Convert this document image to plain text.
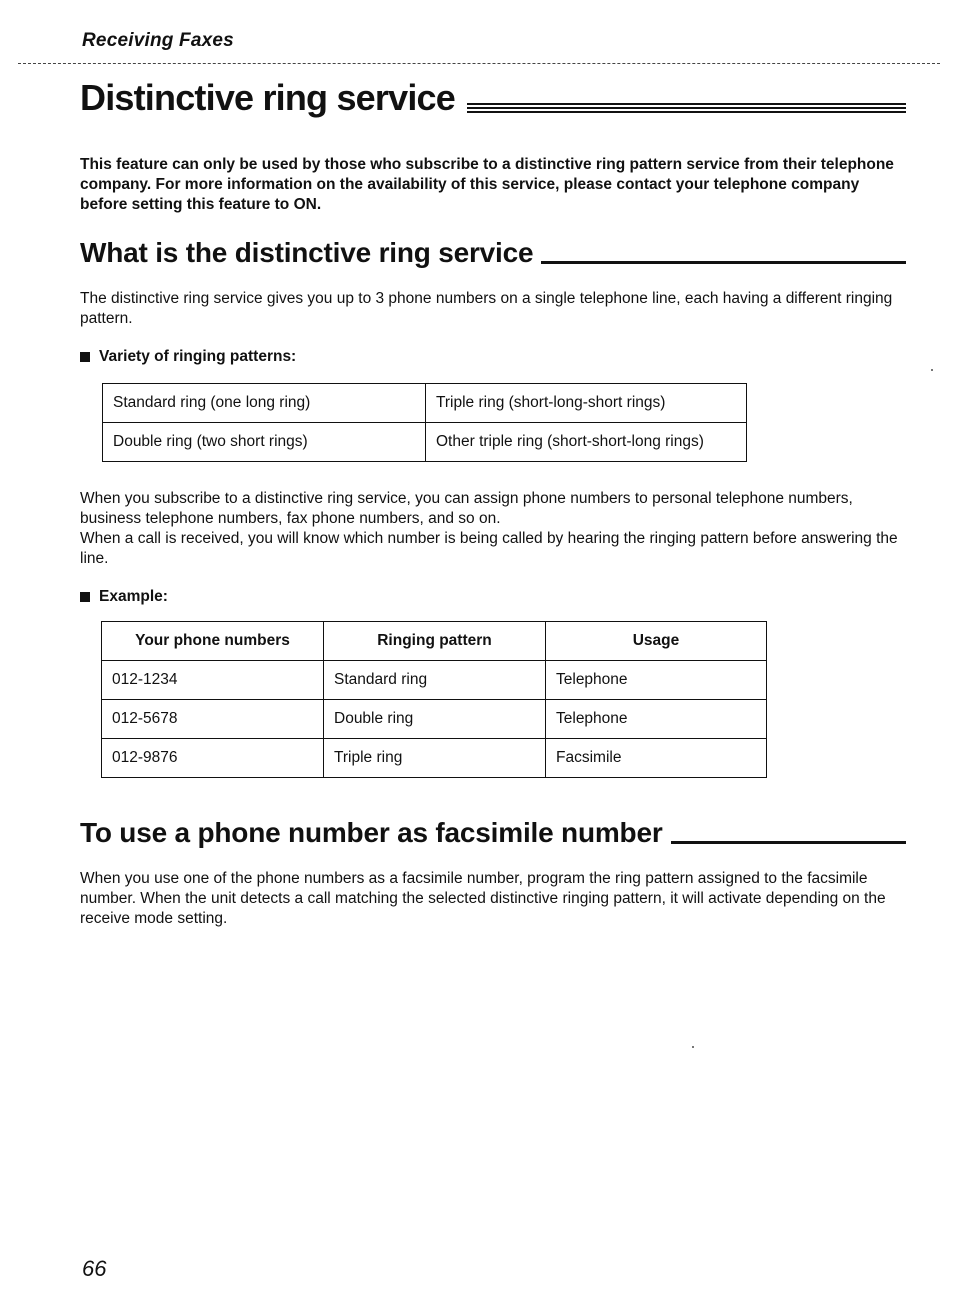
Receiving Faxes
Distinctive ring service
This feature can only be used by those who subscribe to a distinctive ring pattern service from their telephone company. For more information on the availability of this service, please contact your telephone company before setting this feature to ON.
What is the distinctive ring service
The distinctive ring service gives you up to 3 phone numbers on a single telephone line, each having a different ringing pattern.
Variety of ringing patterns:
Standard ring (one long ring)	Triple ring (short-long-short rings)
Double ring (two short rings)	Other triple ring (short-short-long rings)
When you subscribe to a distinctive ring service, you can assign phone numbers to personal telephone numbers, business telephone numbers, fax phone numbers, and so on.
When a call is received, you will know which number is being called by hearing the ringing pattern before answering the line.
Example:
Your phone numbers	Ringing pattern	Usage
012-1234	Standard ring	Telephone
012-5678	Double ring	Telephone
012-9876	Triple ring	Facsimile
To use a phone number as facsimile number
When you use one of the phone numbers as a facsimile number, program the ring pattern assigned to the facsimile number. When the unit detects a call matching the selected distinctive ringing pattern, it will activate depending on the receive mode setting.
66
